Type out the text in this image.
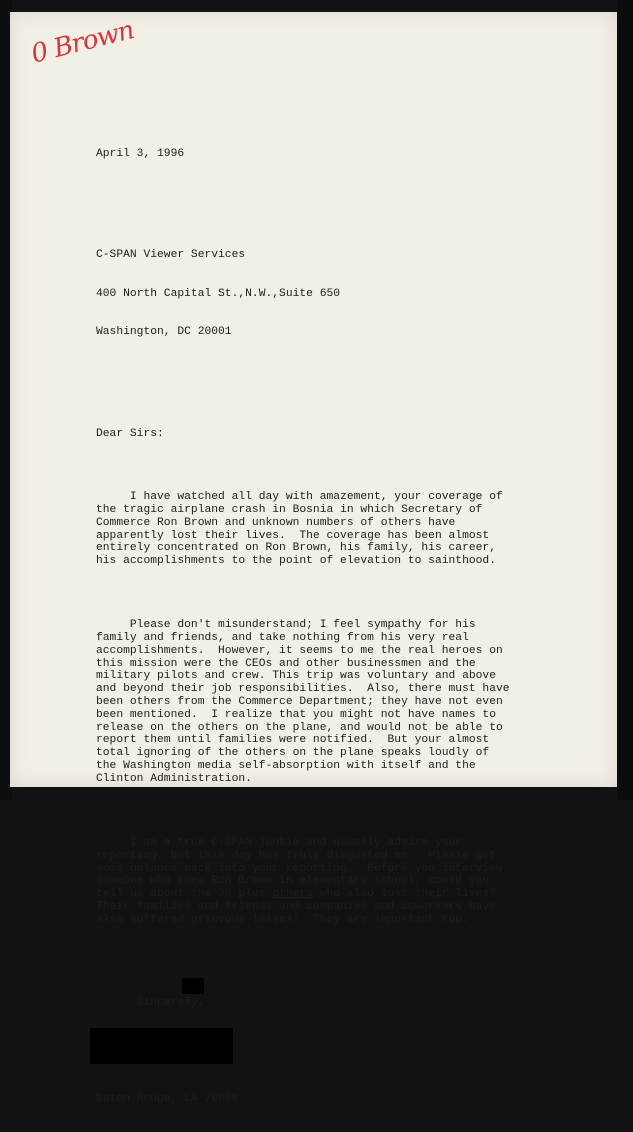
0 Brown

April 3, 1996

C-SPAN Viewer Services

400 North Capital St.,N.W.,Suite 650

Washington, DC 20001

Dear Sirs:

I have watched all day with amazement, your coverage of
the tragic airplane crash in Bosnia in which Secretary of
Commerce Ron Brown and unknown numbers of others have
apparently lost their lives.  The coverage has been almost
entirely concentrated on Ron Brown, his family, his career,
his accomplishments to the point of elevation to sainthood.

Please don't misunderstand; I feel sympathy for his
family and friends, and take nothing from his very real
accomplishments.  However, it seems to me the real heroes on
this mission were the CEOs and other businessmen and the
military pilots and crew. This trip was voluntary and above
and beyond their job responsibilities.  Also, there must have
been others from the Commerce Department; they have not even
been mentioned.  I realize that you might not have names to
release on the others on the plane, and would not be able to
report them until families were notified.  But your almost
total ignoring of the others on the plane speaks loudly of
the Washington media self-absorption with itself and the
Clinton Administration.

I am a true C-SPAN junkie and usually admire your
reporting, but this day has truly disgusted me.  Please get
some balance back into your reporting.  Before you interview
someone who knew Ron Brown in elementary school, could you
tell us about the 30 plus others who also lost their lives?
Their families and friends and companies and coworkers have
also suffered grievous losses!  They are important too.

Sincerely,

Baton Rouge, LA 70808
